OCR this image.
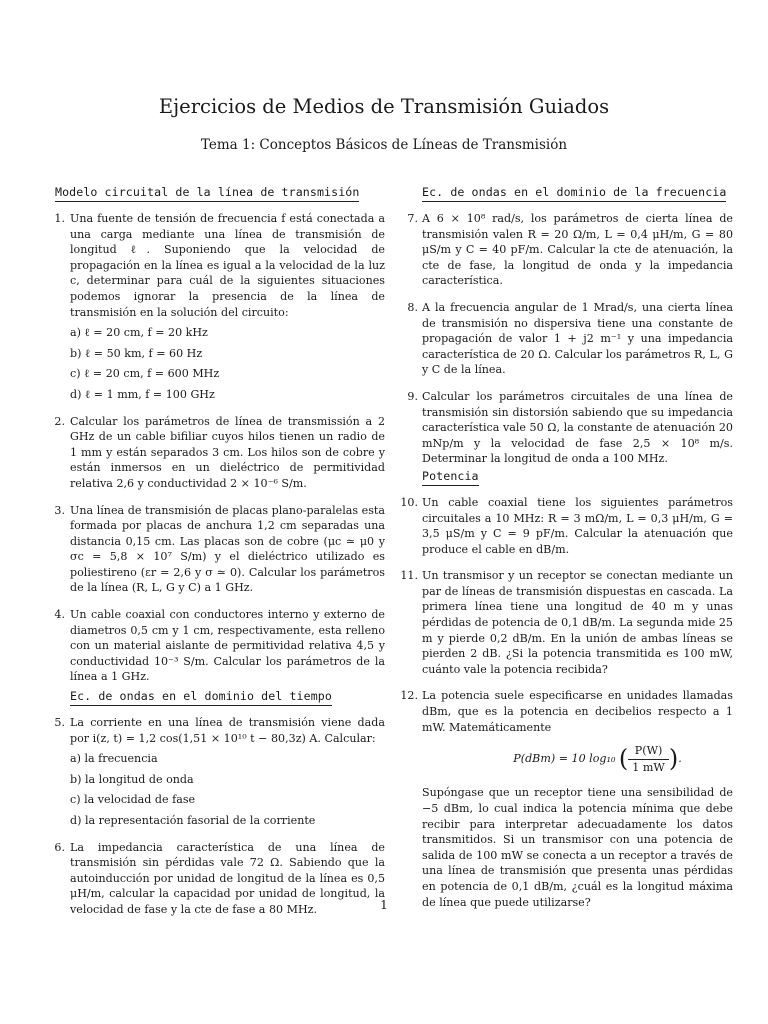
Ejercicios de Medios de Transmisión Guiados
Tema 1: Conceptos Básicos de Líneas de Transmisión
Modelo circuital de la línea de transmisión
1. Una fuente de tensión de frecuencia f está conectada a una carga mediante una línea de transmisión de longitud ℓ. Suponiendo que la velocidad de propagación en la línea es igual a la velocidad de la luz c, determinar para cuál de la siguientes situaciones podemos ignorar la presencia de la línea de transmisión en la solución del circuito:
a) ℓ = 20 cm, f = 20 kHz
b) ℓ = 50 km, f = 60 Hz
c) ℓ = 20 cm, f = 600 MHz
d) ℓ = 1 mm, f = 100 GHz
2. Calcular los parámetros de línea de transmissión a 2 GHz de un cable bifiliar cuyos hilos tienen un radio de 1 mm y están separados 3 cm. Los hilos son de cobre y están inmersos en un dieléctrico de permitividad relativa 2,6 y conductividad 2 × 10⁻⁶ S/m.
3. Una línea de transmisión de placas plano-paralelas esta formada por placas de anchura 1,2 cm separadas una distancia 0,15 cm. Las placas son de cobre (μc ≃ μ0 y σc = 5,8 × 10⁷ S/m) y el dieléctrico utilizado es poliestireno (εr = 2,6 y σ ≃ 0). Calcular los parámetros de la línea (R, L, G y C) a 1 GHz.
4. Un cable coaxial con conductores interno y externo de diametros 0,5 cm y 1 cm, respectivamente, esta relleno con un material aislante de permitividad relativa 4,5 y conductividad 10⁻³ S/m. Calcular los parámetros de la línea a 1 GHz.
Ec. de ondas en el dominio del tiempo
5. La corriente en una línea de transmisión viene dada por i(z, t) = 1,2 cos(1,51 × 10¹⁰ t − 80,3z) A. Calcular:
a) la frecuencia
b) la longitud de onda
c) la velocidad de fase
d) la representación fasorial de la corriente
6. La impedancia característica de una línea de transmisión sin pérdidas vale 72 Ω. Sabiendo que la autoinducción por unidad de longitud de la línea es 0,5 μH/m, calcular la capacidad por unidad de longitud, la velocidad de fase y la cte de fase a 80 MHz.
Ec. de ondas en el dominio de la frecuencia
7. A 6 × 10⁸ rad/s, los parámetros de cierta línea de transmisión valen R = 20 Ω/m, L = 0,4 μH/m, G = 80 μS/m y C = 40 pF/m. Calcular la cte de atenuación, la cte de fase, la longitud de onda y la impedancia característica.
8. A la frecuencia angular de 1 Mrad/s, una cierta línea de transmisión no dispersiva tiene una constante de propagación de valor 1 + j2 m⁻¹ y una impedancia característica de 20 Ω. Calcular los parámetros R, L, G y C de la línea.
9. Calcular los parámetros circuitales de una línea de transmisión sin distorsión sabiendo que su impedancia característica vale 50 Ω, la constante de atenuación 20 mNp/m y la velocidad de fase 2,5 × 10⁸ m/s. Determinar la longitud de onda a 100 MHz.
Potencia
10. Un cable coaxial tiene los siguientes parámetros circuitales a 10 MHz: R = 3 mΩ/m, L = 0,3 μH/m, G = 3,5 μS/m y C = 9 pF/m. Calcular la atenuación que produce el cable en dB/m.
11. Un transmisor y un receptor se conectan mediante un par de líneas de transmisión dispuestas en cascada. La primera línea tiene una longitud de 40 m y unas pérdidas de potencia de 0,1 dB/m. La segunda mide 25 m y pierde 0,2 dB/m. En la unión de ambas líneas se pierden 2 dB. ¿Si la potencia transmitida es 100 mW, cuánto vale la potencia recibida?
12. La potencia suele especificarse en unidades llamadas dBm, que es la potencia en decibelios respecto a 1 mW. Matemáticamente
P(dBm) = 10 log₁₀ ( $\frac{P(W)}{1 mW}$ ).
Supóngase que un receptor tiene una sensibilidad de −5 dBm, lo cual indica la potencia mínima que debe recibir para interpretar adecuadamente los datos transmitidos. Si un transmisor con una potencia de salida de 100 mW se conecta a un receptor a través de una línea de transmisión que presenta unas pérdidas en potencia de 0,1 dB/m, ¿cuál es la longitud máxima de línea que puede utilizarse?
1
